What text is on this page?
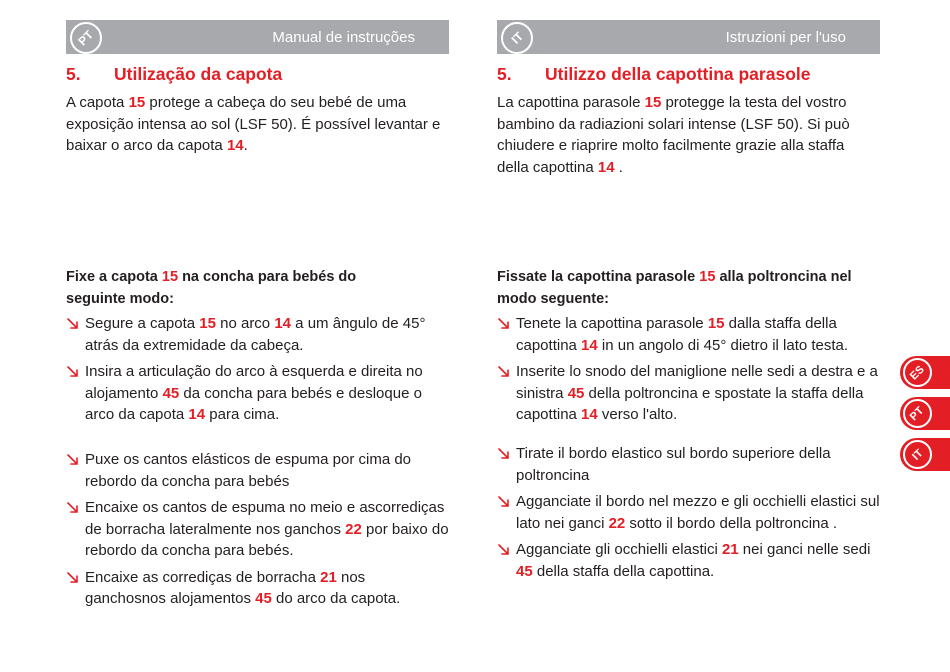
PT	Manual de instruções
5.	Utilização da capota
A capota 15 protege a cabeça do seu bebé de uma exposição intensa ao sol (LSF 50). É possível levantar e baixar o arco da capota 14.
Fixe a capota 15 na concha para bebés do seguinte modo:
Segure a capota 15 no arco 14 a um ângulo de 45° atrás da extremidade da cabeça.
Insira a articulação do arco à esquerda e direita no alojamento 45 da concha para bebés e desloque o arco da capota 14 para cima.
Puxe os cantos elásticos de espuma por cima do rebordo da concha para bebés
Encaixe os cantos de espuma no meio e ascorrediças de borracha lateralmente nos ganchos 22 por baixo do rebordo da concha para bebés.
Encaixe as corrediças de borracha 21 nos ganchosnos alojamentos 45 do arco da capota.
IT	Istruzioni per l'uso
5.	Utilizzo della capottina parasole
La capottina parasole 15 protegge la testa del vostro bambino da radiazioni solari intense (LSF 50). Si può chiudere e riaprire molto facilmente grazie alla staffa della capottina 14 .
Fissate la capottina parasole 15 alla poltroncina nel modo seguente:
Tenete la capottina parasole 15 dalla staffa della capottina 14 in un angolo di 45° dietro il lato testa.
Inserite lo snodo del maniglione nelle sedi a destra e a sinistra 45 della poltroncina e spostate la staffa della capottina 14 verso l'alto.
Tirate il bordo elastico sul bordo superiore della poltroncina
Agganciate il bordo nel mezzo e gli occhielli elastici sul lato nei ganci 22 sotto il bordo della poltroncina .
Agganciate gli occhielli elastici 21 nei ganci nelle sedi 45 della staffa della capottina.
ES
PT
IT
